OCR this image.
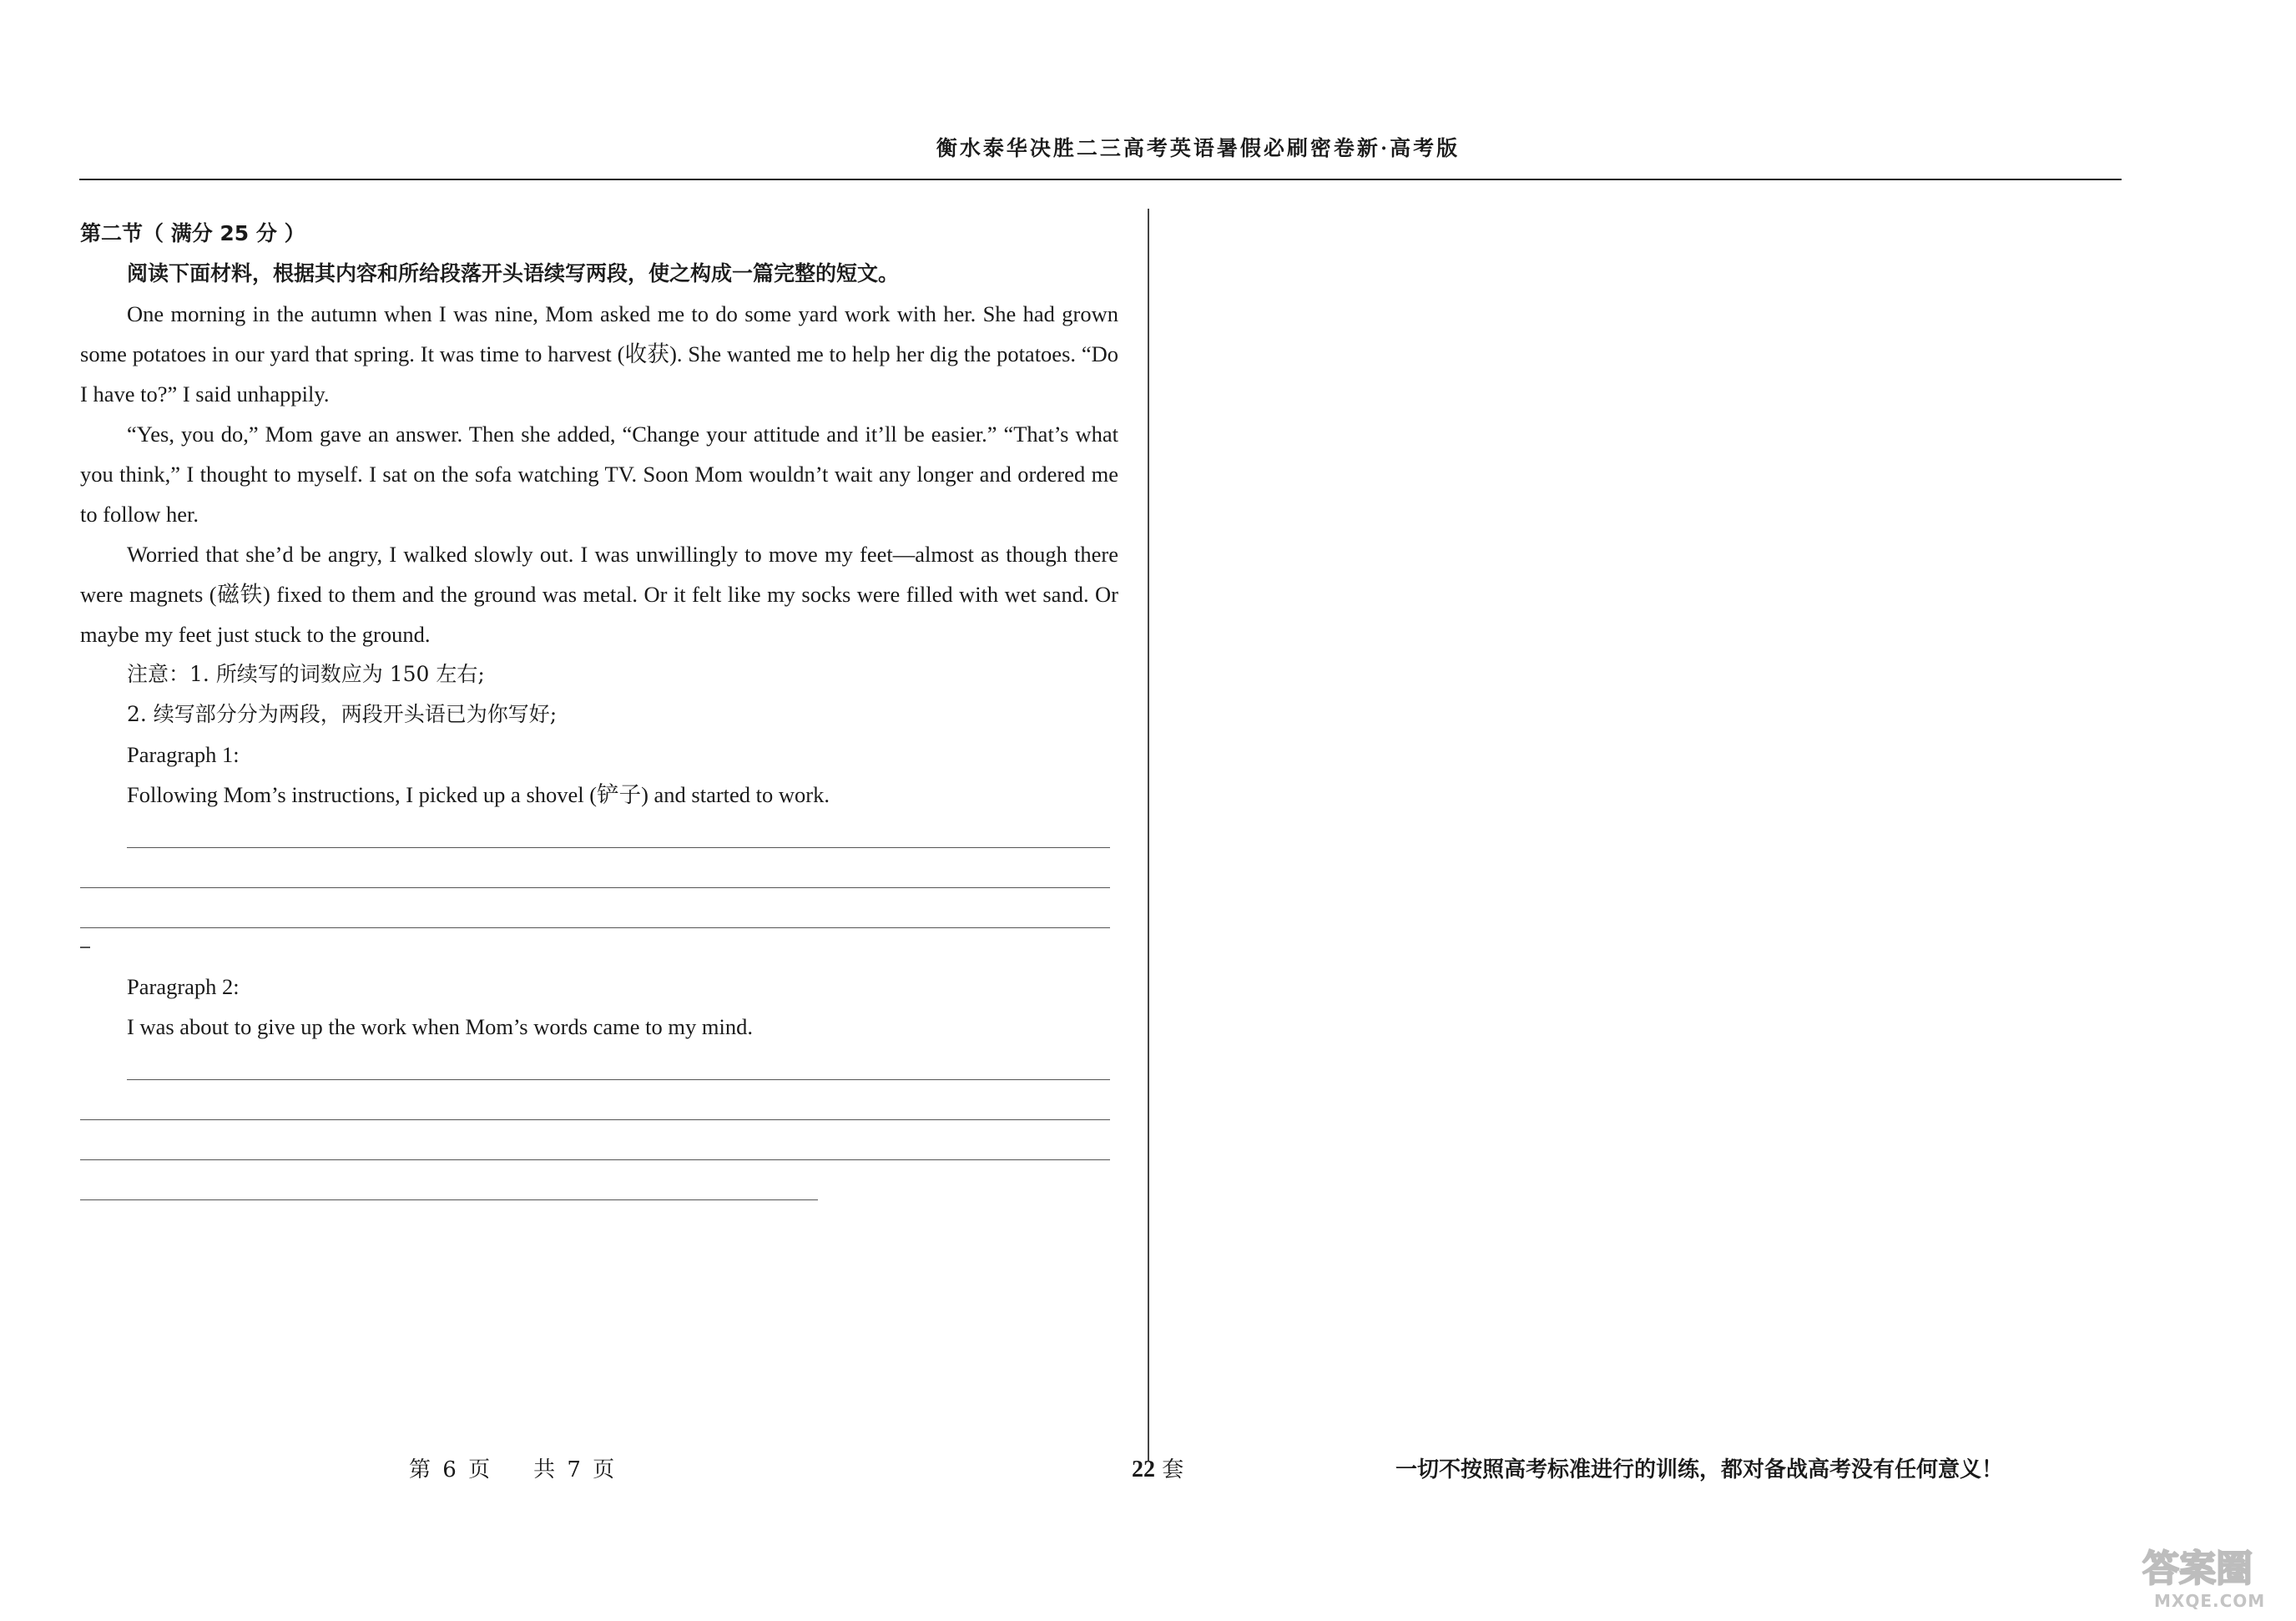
衡水泰华决胜二三高考英语暑假必刷密卷新·高考版
第二节（ 满分 25 分 ）
阅读下面材料，根据其内容和所给段落开头语续写两段，使之构成一篇完整的短文。

One morning in the autumn when I was nine, Mom asked me to do some yard work with her. She had grown some potatoes in our yard that spring. It was time to harvest (收获). She wanted me to help her dig the potatoes. “Do I have to?” I said unhappily.

“Yes, you do,” Mom gave an answer. Then she added, “Change your attitude and it’ll be easier.” “That’s what you think,” I thought to myself. I sat on the sofa watching TV. Soon Mom wouldn’t wait any longer and ordered me to follow her.

Worried that she’d be angry, I walked slowly out. I was unwillingly to move my feet—almost as though there were magnets (磁铁) fixed to them and the ground was metal. Or it felt like my socks were filled with wet sand. Or maybe my feet just stuck to the ground.

注意：1. 所续写的词数应为 150 左右;

2. 续写部分分为两段，两段开头语已为你写好;

Paragraph 1:

Following Mom’s instructions, I picked up a shovel (铲子) and started to work.

Paragraph 2:

I was about to give up the work when Mom’s words came to my mind.

第 6 页　　共 7 页	22 套	一切不按照高考标准进行的训练，都对备战高考没有任何意义！
答案圈
MXQE.COM
